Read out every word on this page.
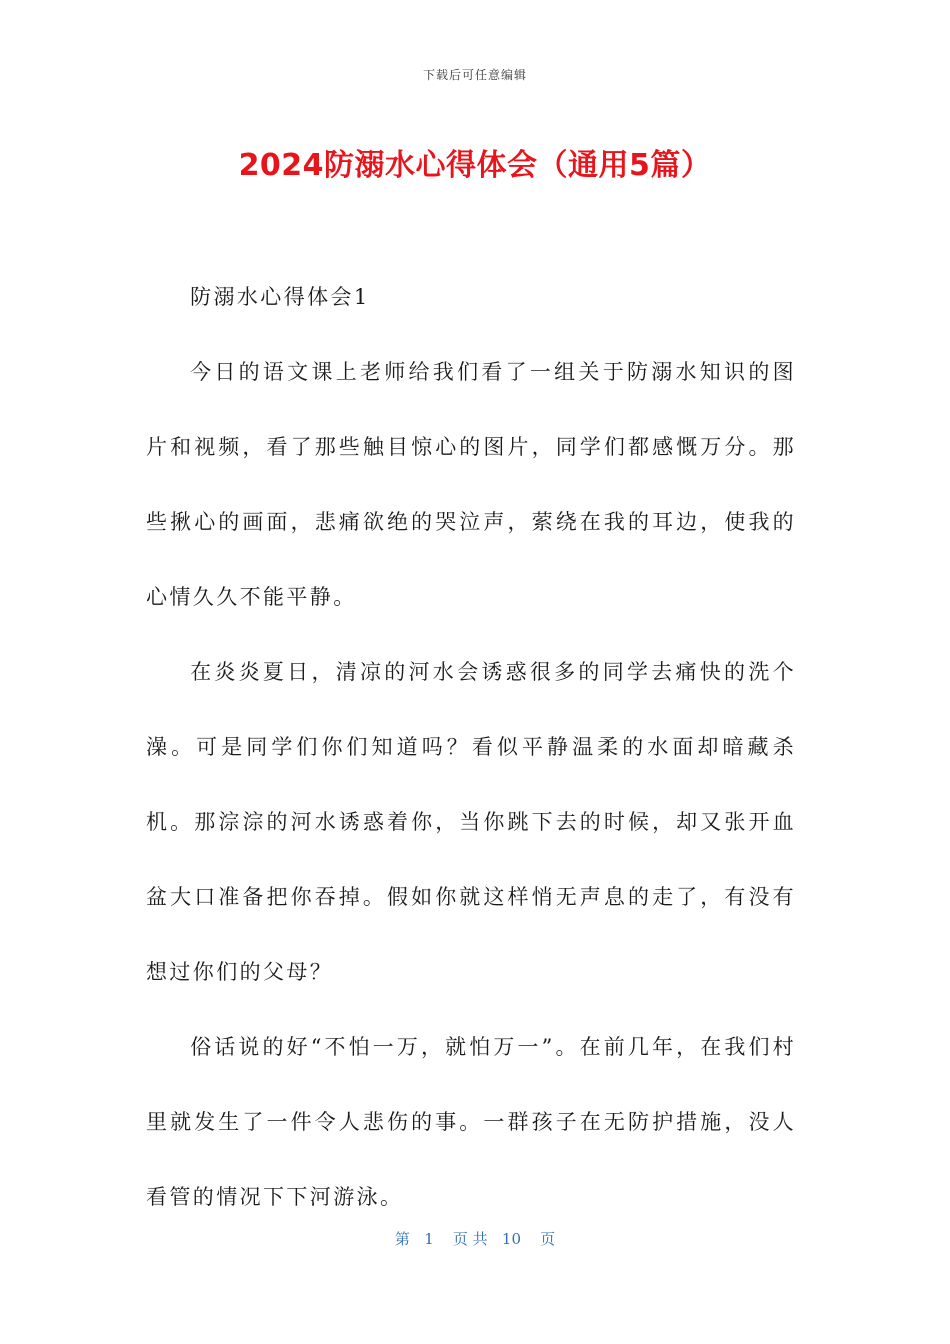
下载后可任意编辑
2024防溺水心得体会（通用5篇）

防溺水心得体会1

今日的语文课上老师给我们看了一组关于防溺水知识的图片和视频，看了那些触目惊心的图片，同学们都感慨万分。那些揪心的画面，悲痛欲绝的哭泣声，萦绕在我的耳边，使我的心情久久不能平静。

在炎炎夏日，清凉的河水会诱惑很多的同学去痛快的洗个澡。可是同学们你们知道吗？看似平静温柔的水面却暗藏杀机。那淙淙的河水诱惑着你，当你跳下去的时候，却又张开血盆大口准备把你吞掉。假如你就这样悄无声息的走了，有没有想过你们的父母？

俗话说的好“不怕一万，就怕万一”。在前几年，在我们村里就发生了一件令人悲伤的事。一群孩子在无防护措施，没人看管的情况下下河游泳。

第   1    页 共   10    页
